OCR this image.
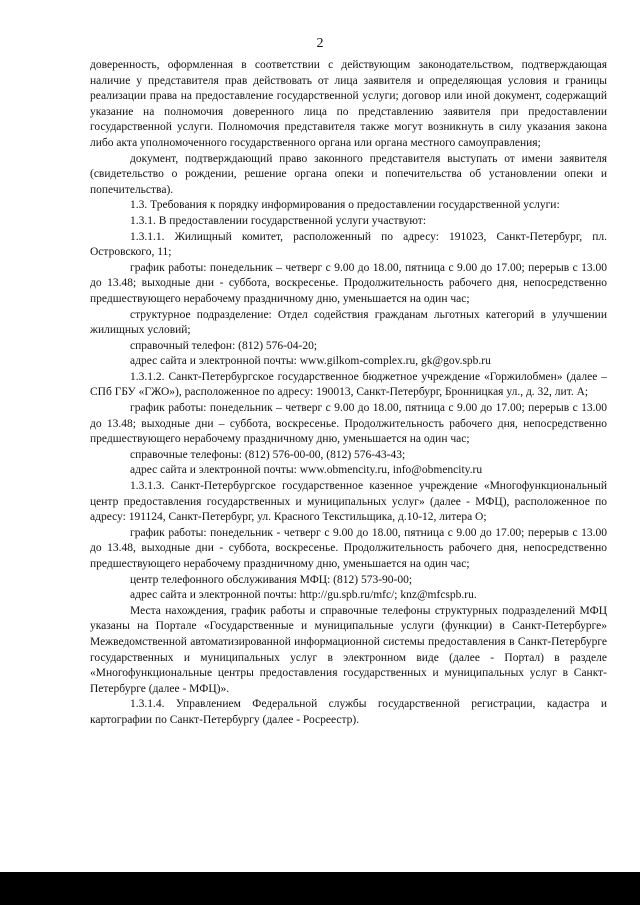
2

доверенность, оформленная в соответствии с действующим законодательством, подтверждающая наличие у представителя прав действовать от лица заявителя и определяющая условия и границы реализации права на предоставление государственной услуги; договор или иной документ, содержащий указание на полномочия доверенного лица по представлению заявителя при предоставлении государственной услуги. Полномочия представителя также могут возникнуть в силу указания закона либо акта уполномоченного государственного органа или органа местного самоуправления;

документ, подтверждающий право законного представителя выступать от имени заявителя (свидетельство о рождении, решение органа опеки и попечительства об установлении опеки и попечительства).

1.3. Требования к порядку информирования о предоставлении государственной услуги:

1.3.1. В предоставлении государственной услуги участвуют:

1.3.1.1. Жилищный комитет, расположенный по адресу: 191023, Санкт-Петербург, пл. Островского, 11;

график работы: понедельник – четверг с 9.00 до 18.00, пятница с 9.00 до 17.00; перерыв с 13.00 до 13.48; выходные дни - суббота, воскресенье. Продолжительность рабочего дня, непосредственно предшествующего нерабочему праздничному дню, уменьшается на один час;

структурное подразделение: Отдел содействия гражданам льготных категорий в улучшении жилищных условий;

справочный телефон: (812) 576-04-20;

адрес сайта и электронной почты: www.gilkom-complex.ru, gk@gov.spb.ru

1.3.1.2. Санкт-Петербургское государственное бюджетное учреждение «Горжилобмен» (далее – СПб ГБУ «ГЖО»), расположенное по адресу: 190013, Санкт-Петербург, Бронницкая ул., д. 32, лит. А;

график работы: понедельник – четверг с 9.00 до 18.00, пятница с 9.00 до 17.00; перерыв с 13.00 до 13.48; выходные дни – суббота, воскресенье. Продолжительность рабочего дня, непосредственно предшествующего нерабочему праздничному дню, уменьшается на один час;

справочные телефоны: (812) 576-00-00, (812) 576-43-43;

адрес сайта и электронной почты: www.obmencity.ru, info@obmencity.ru

1.3.1.3. Санкт-Петербургское государственное казенное учреждение «Многофункциональный центр предоставления государственных и муниципальных услуг» (далее - МФЦ), расположенное по адресу: 191124, Санкт-Петербург, ул. Красного Текстильщика, д.10-12, литера О;

график работы: понедельник - четверг с 9.00 до 18.00, пятница с 9.00 до 17.00; перерыв с 13.00 до 13.48, выходные дни - суббота, воскресенье. Продолжительность рабочего дня, непосредственно предшествующего нерабочему праздничному дню, уменьшается на один час;

центр телефонного обслуживания МФЦ: (812) 573-90-00;

адрес сайта и электронной почты: http://gu.spb.ru/mfc/; knz@mfcspb.ru.

Места нахождения, график работы и справочные телефоны структурных подразделений МФЦ указаны на Портале «Государственные и муниципальные услуги (функции) в Санкт-Петербурге» Межведомственной автоматизированной информационной системы предоставления в Санкт-Петербурге государственных и муниципальных услуг в электронном виде (далее - Портал) в разделе «Многофункциональные центры предоставления государственных и муниципальных услуг в Санкт-Петербурге (далее - МФЦ)».

1.3.1.4. Управлением Федеральной службы государственной регистрации, кадастра и картографии по Санкт-Петербургу (далее - Росреестр).
